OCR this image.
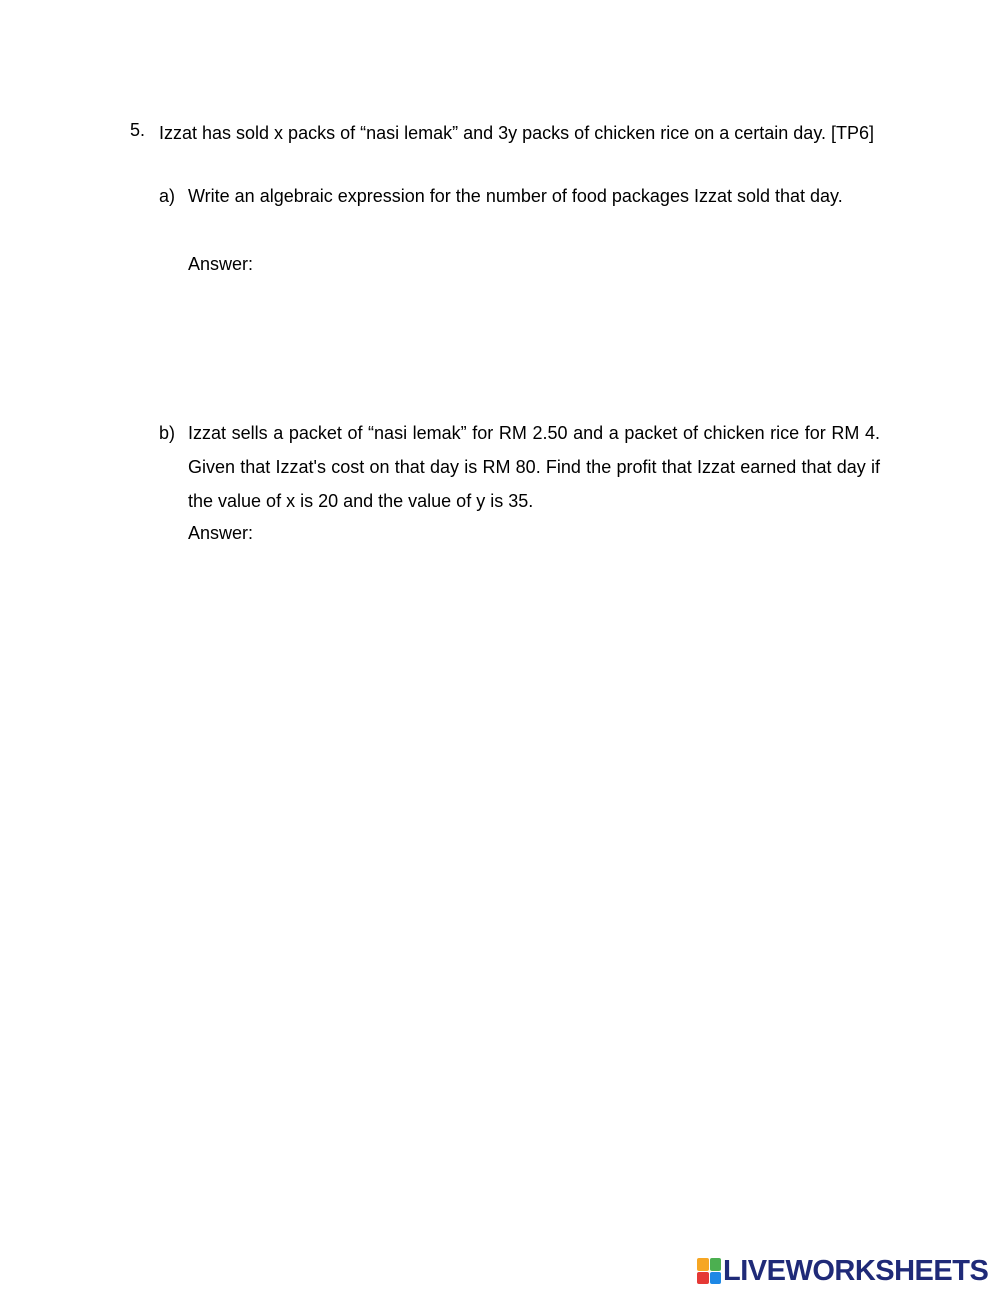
5. Izzat has sold x packs of “nasi lemak” and 3y packs of chicken rice on a certain day. [TP6]
a) Write an algebraic expression for the number of food packages Izzat sold that day.
Answer:
b) Izzat sells a packet of “nasi lemak” for RM 2.50 and a packet of chicken rice for RM 4. Given that Izzat's cost on that day is RM 80. Find the profit that Izzat earned that day if the value of x is 20 and the value of y is 35.
Answer:
LIVEWORKSHEETS
